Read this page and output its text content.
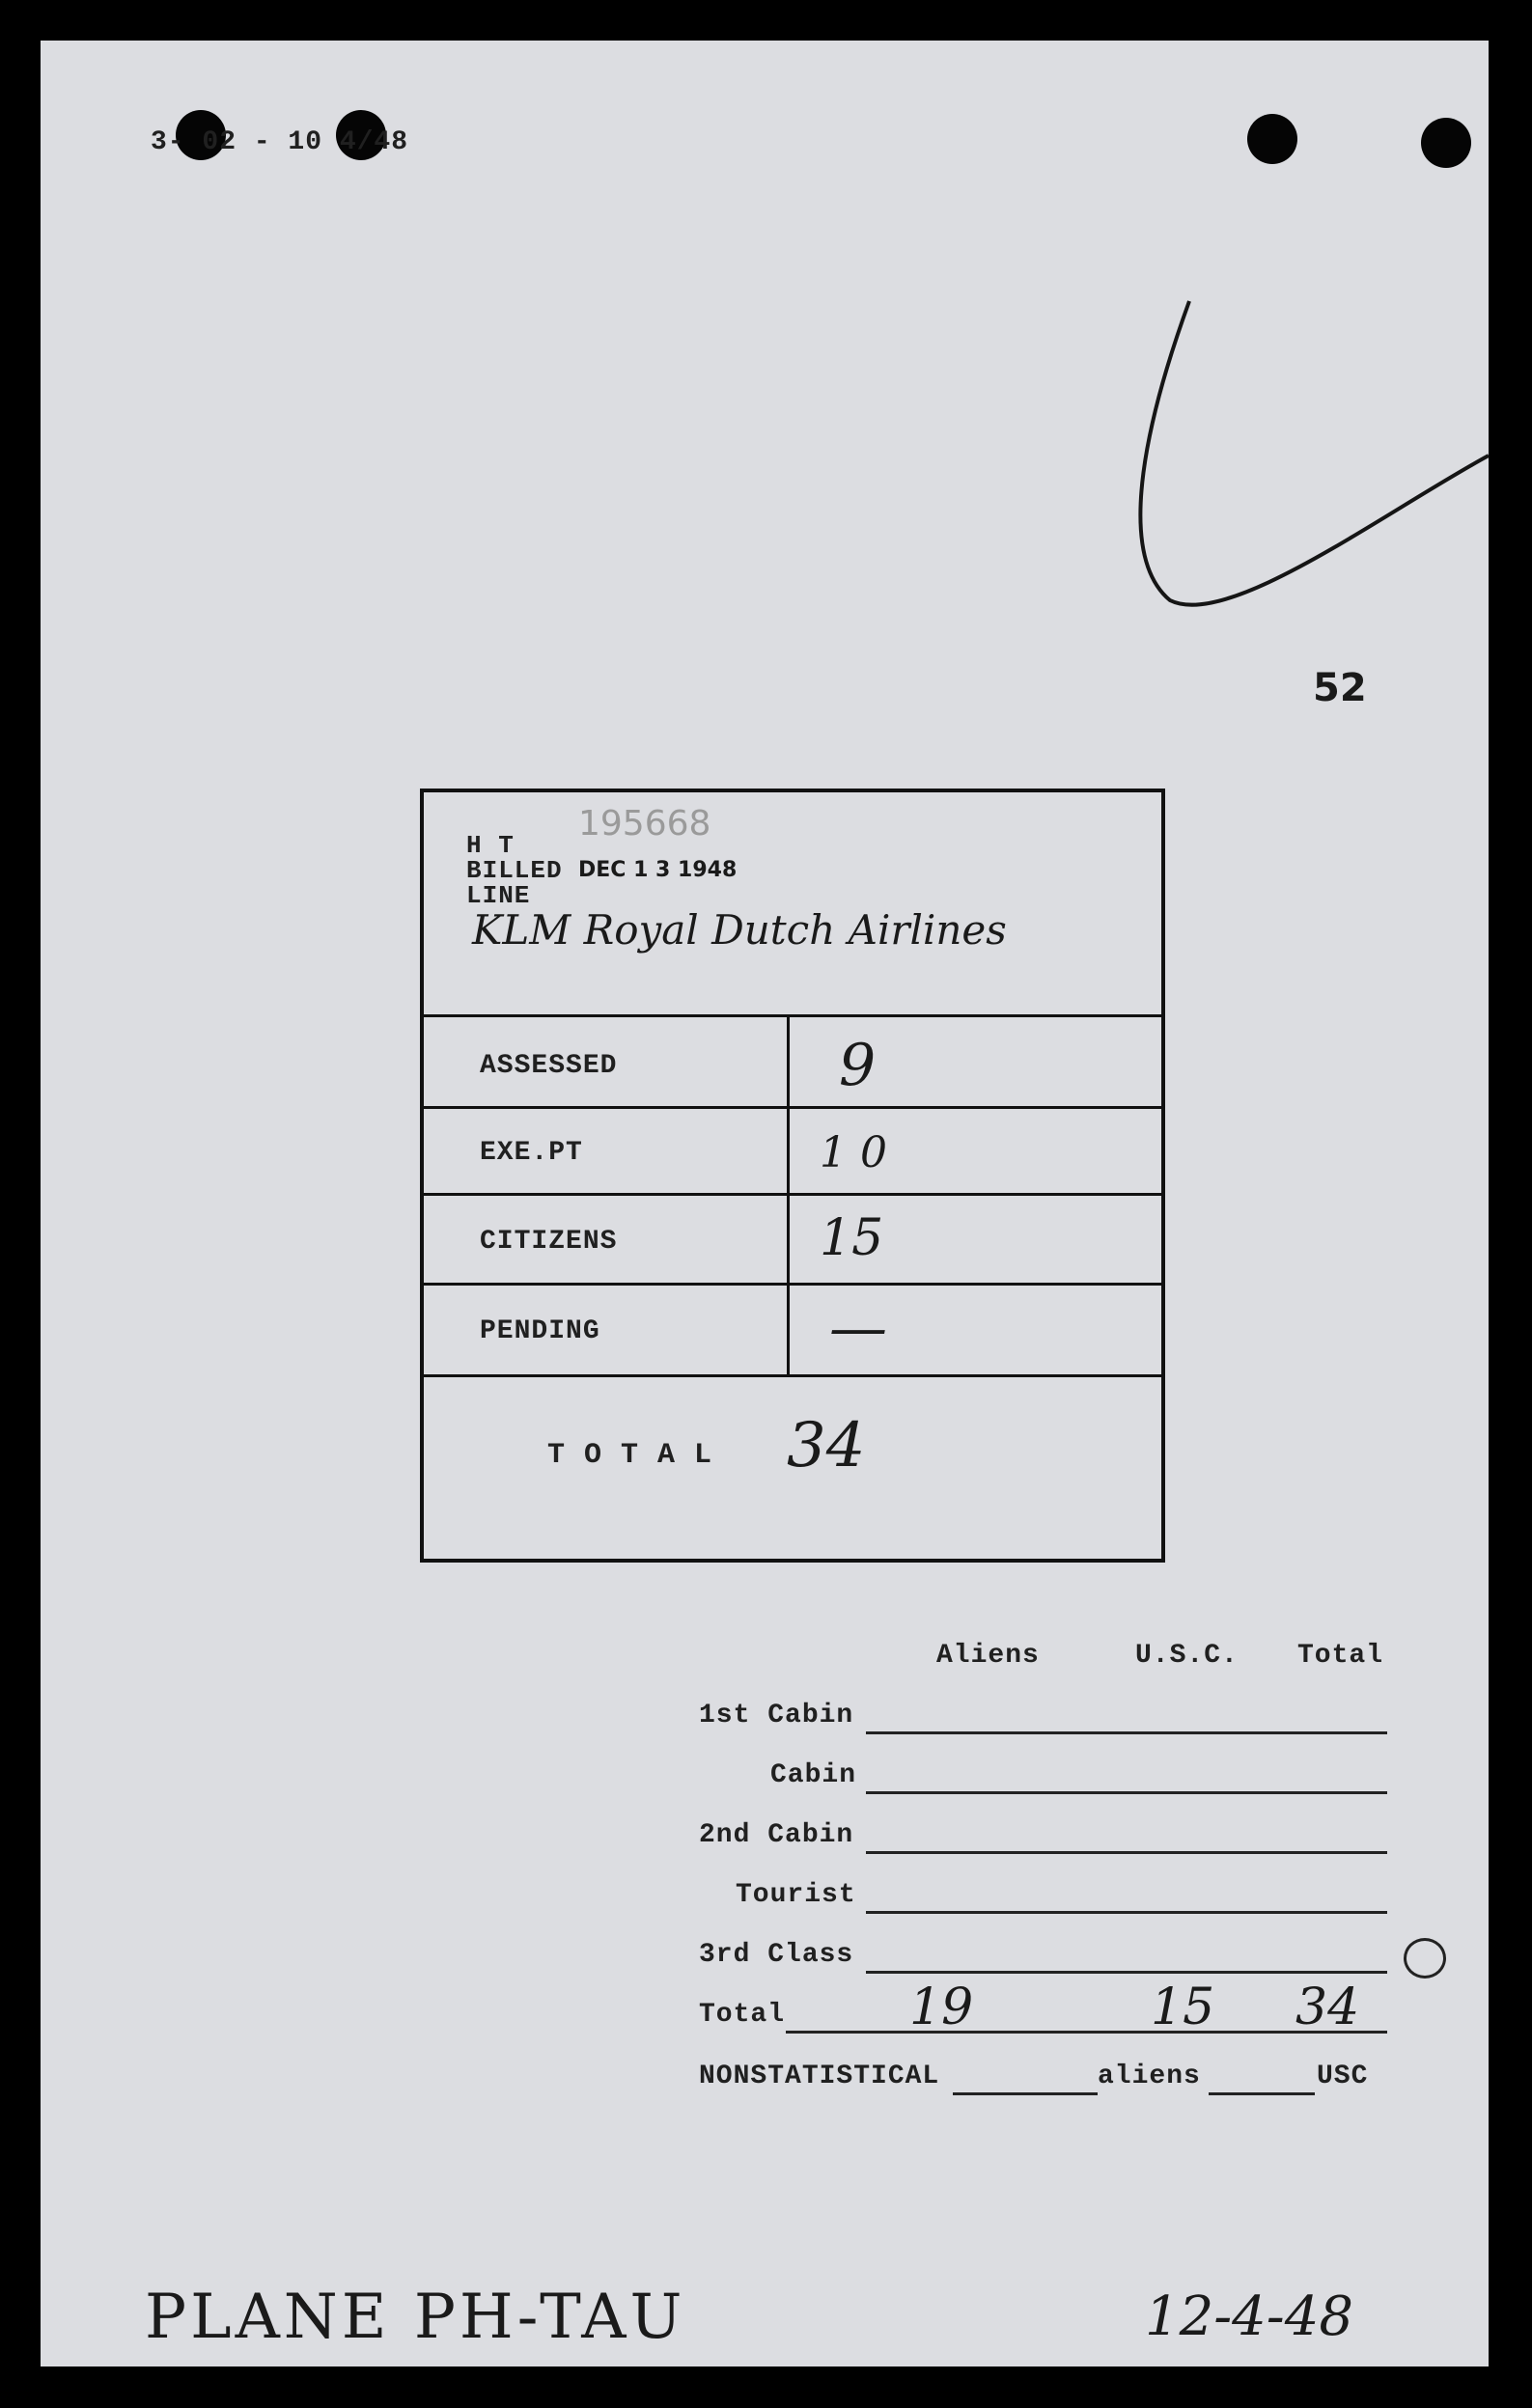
3- 02 - 10 4/48
52
H T
195668
BILLED DEC 1 3 1948
LINE
KLM Royal Dutch Airlines
ASSESSED	9
EXE.PT	1 0
CITIZENS	15
PENDING	—
T O T A L 34
Aliens	U.S.C. Total
1st Cabin
Cabin
2nd Cabin
Tourist
3rd Class
Total 19	15 34
NONSTATISTICAL	aliens	USC
PLANE PH-TAU	12-4-48
